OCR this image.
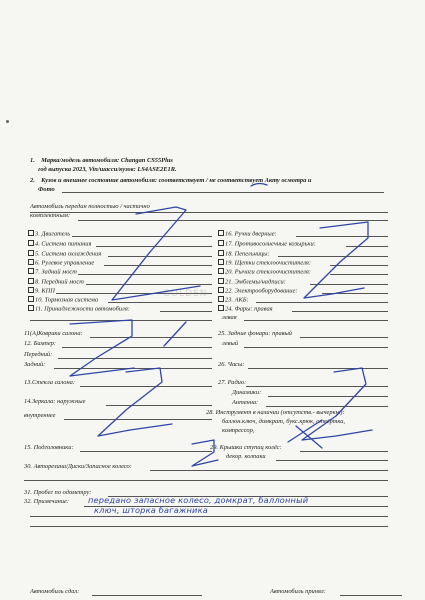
1.    Марка/модель автомобиля: Changan CS55Plus
год выпуска 2023, Vin/шасси/кузов: LS4ASE2E1R.
2.    Кузов и внешнее состояние автомобиля: соответствует / не соответствует Акту осмотра и
Фото
Автомобиль передан полностью / частично
комплектным:
3. Двигатель
4. Система питания
5. Система охлаждения
6. Рулевое управление
7. Задний мост
8. Передний мост
9. КПП
10. Тормозная система
11. Принадлежности автомобиля:
16. Ручки дверные:
17. Противосолнечные козырьки:
18. Пепельницы:
19. Щетки стеклоочистителя:
20. Рычаги стеклоочистителя:
21. Эмблемы/надписи:
22. Электрооборудование:
23. АКБ:
24. Фары: правая
левая
11(А)Коврики салона:	25. Задние фонари: правый
12. Бампер:	левый
Передний:
Задний:	26. Часы:
13.Стекла салона:	27. Радио:
Динамики:
14.Зеркала: наружные	Антенна:
внутреннее	28. Инструмент в наличии (отсутств.- вычеркн.):
баллон.ключ, домкрат, букс.крюк, отвёртка,
компрессор,
15. Подголовники:	29. Крышки ступиц колёс:
декор. колпаки
30. Авторезина/Диски/Запасное колесо:
31. Пробег по одометру:
32. Примечание: передано запасное колесо, домкрат, баллонный
ключ, шторка багажника
Автомобиль сдал:	Автомобиль принял:
GOLDEN
